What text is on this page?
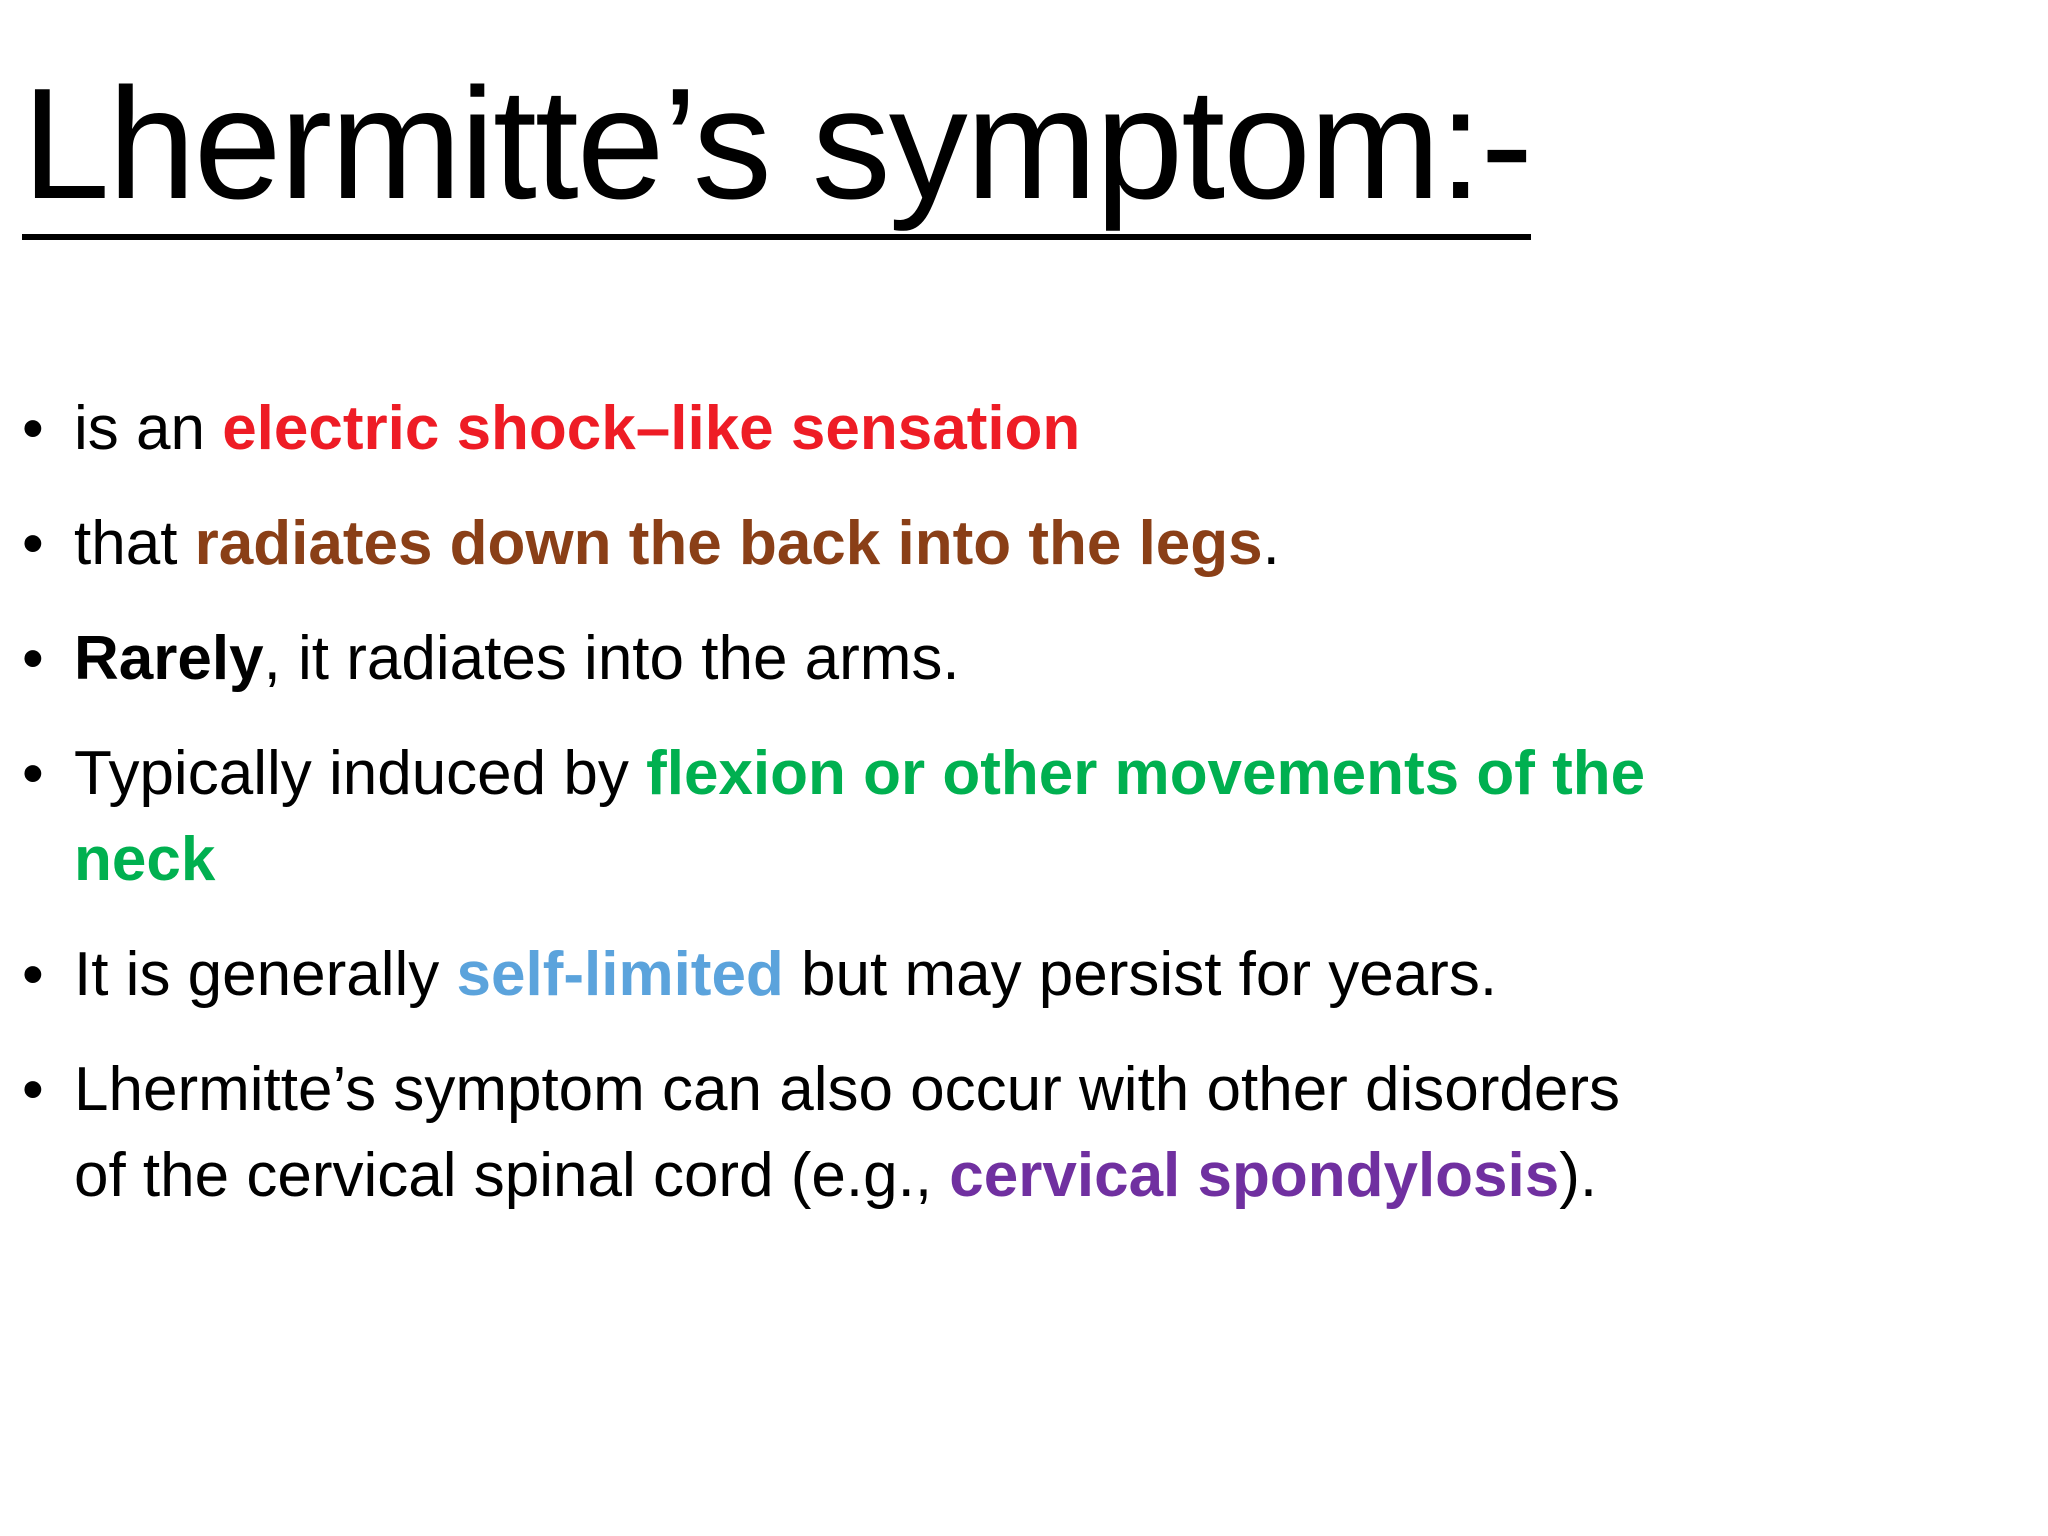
Lhermitte’s symptom:-
• is an electric shock–like sensation
• that radiates down the back into the legs.
• Rarely, it radiates into the arms.
• Typically induced by flexion or other movements of the
neck
• It is generally self-limited but may persist for years.
• Lhermitte’s symptom can also occur with other disorders
of the cervical spinal cord (e.g., cervical spondylosis).
